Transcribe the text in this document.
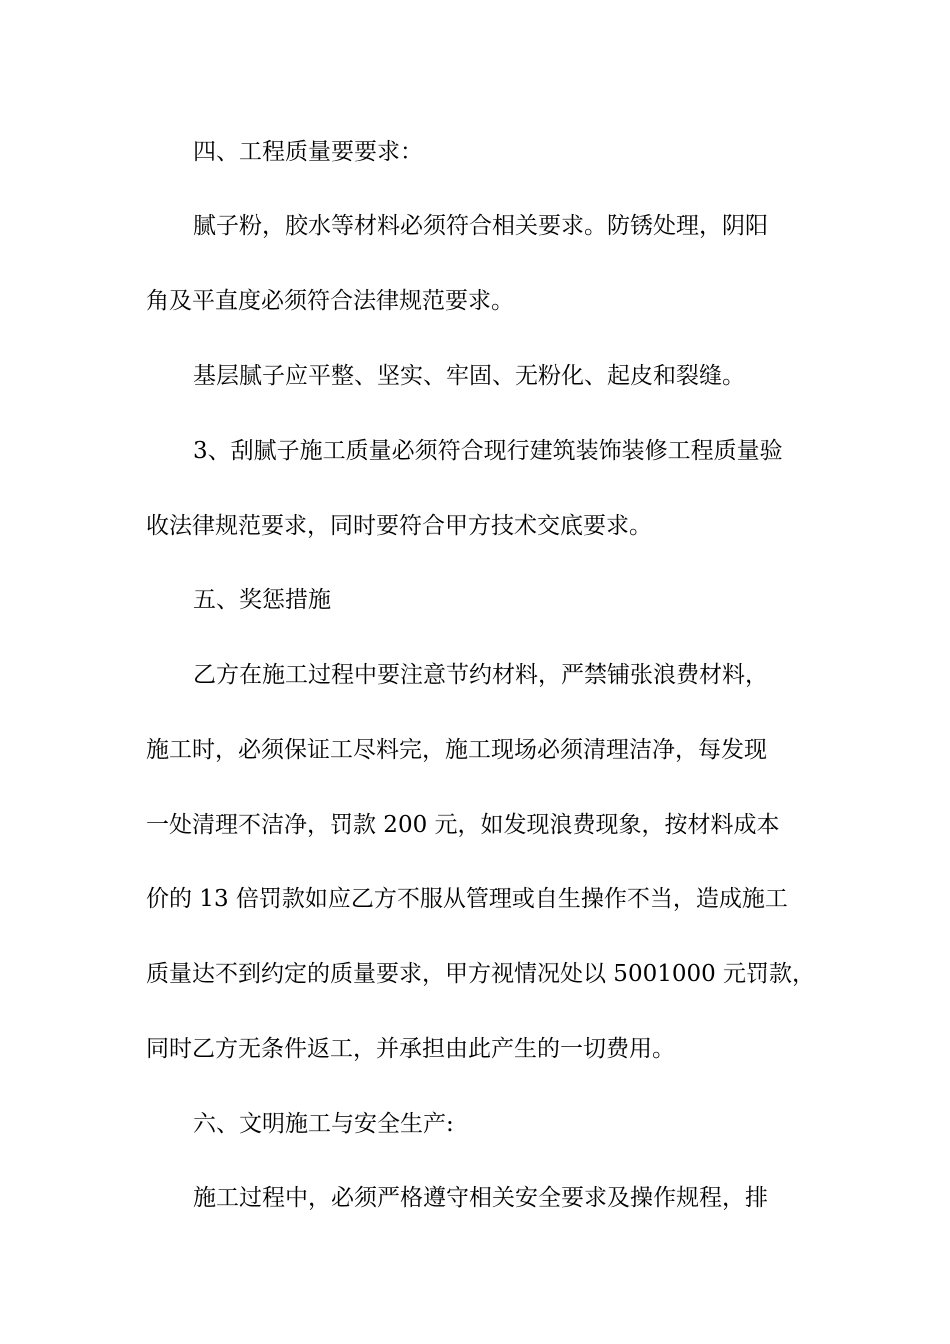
四、工程质量要要求：
腻子粉，胶水等材料必须符合相关要求。防锈处理，阴阳
角及平直度必须符合法律规范要求。
基层腻子应平整、坚实、牢固、无粉化、起皮和裂缝。
3、刮腻子施工质量必须符合现行建筑装饰装修工程质量验
收法律规范要求，同时要符合甲方技术交底要求。
五、奖惩措施
乙方在施工过程中要注意节约材料，严禁铺张浪费材料，
施工时，必须保证工尽料完，施工现场必须清理洁净，每发现
一处清理不洁净，罚款 200 元，如发现浪费现象，按材料成本
价的 13 倍罚款如应乙方不服从管理或自生操作不当，造成施工
质量达不到约定的质量要求，甲方视情况处以 5001000 元罚款，
同时乙方无条件返工，并承担由此产生的一切费用。
六、文明施工与安全生产:
施工过程中，必须严格遵守相关安全要求及操作规程，排
